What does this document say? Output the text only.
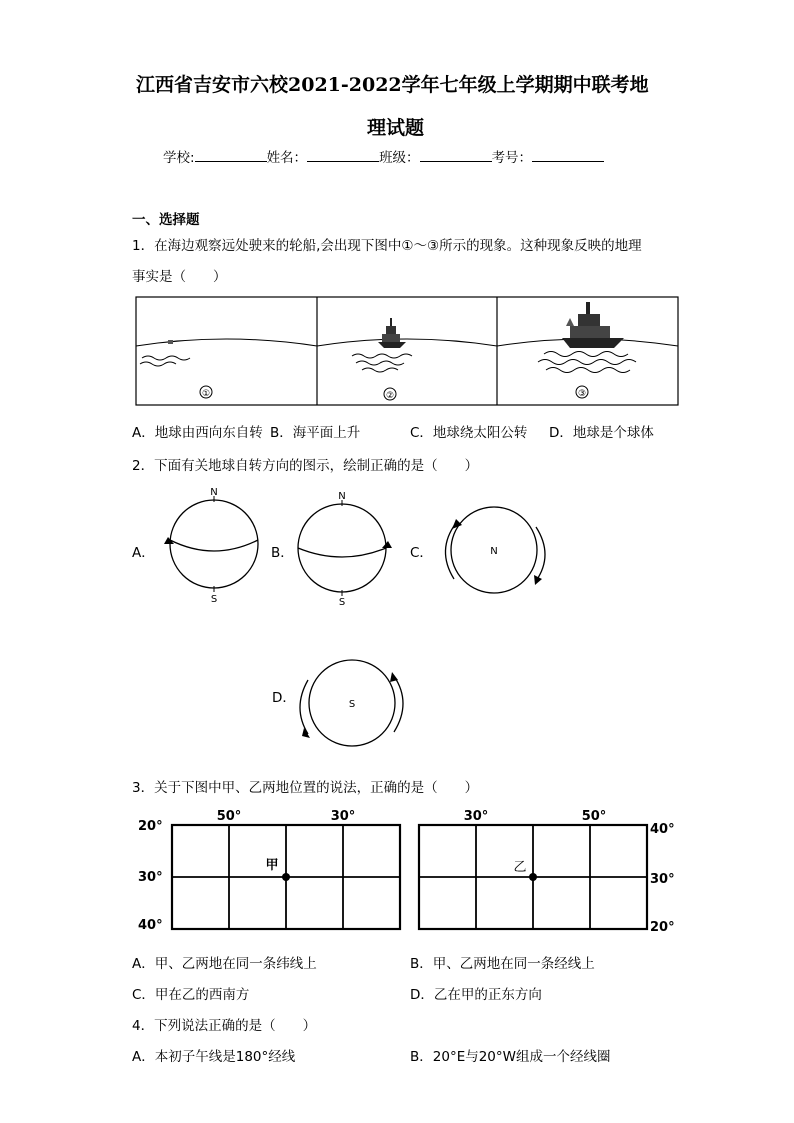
江西省吉安市六校2021-2022学年七年级上学期期中联考地
理试题
学校:	姓名：	班级：	考号：
一、选择题
1．在海边观察远处驶来的轮船,会出现下图中①～③所示的现象。这种现象反映的地理
事实是（　　）
①	②	③
A．地球由西向东自转 B．海平面上升	C．地球绕太阳公转 D．地球是个球体
2．下面有关地球自转方向的图示，绘制正确的是（　　）
A．
N
S
B．
N
S
C．	N
D．	S
3．关于下图中甲、乙两地位置的说法，正确的是（　　）
50°	30°
20°
30°
40°
甲
30°	50°
40°
30°
20°
乙
A．甲、乙两地在同一条纬线上	B．甲、乙两地在同一条经线上
C．甲在乙的西南方	D．乙在甲的正东方向
4．下列说法正确的是（　　）
A．本初子午线是180°经线	B．20°E与20°W组成一个经线圈
